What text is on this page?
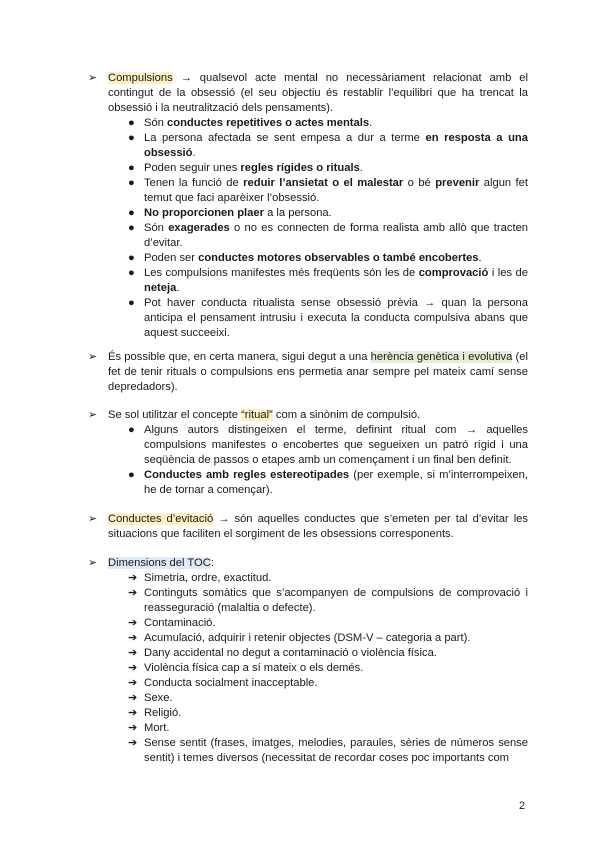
➢ Compulsions → qualsevol acte mental no necessàriament relacionat amb el contingut de la obsessió (el seu objectiu és restablir l’equilibri que ha trencat la obsessió i la neutralització dels pensaments).
● Són conductes repetitives o actes mentals.
● La persona afectada se sent empesa a dur a terme en resposta a una obsessió.
● Poden seguir unes regles rígides o rituals.
● Tenen la funció de reduir l’ansietat o el malestar o bé prevenir algun fet temut que faci aparèixer l’obsessió.
● No proporcionen plaer a la persona.
● Són exagerades o no es connecten de forma realista amb allò que tracten d’evitar.
● Poden ser conductes motores observables o també encobertes.
● Les compulsions manifestes més freqüents són les de comprovació i les de neteja.
● Pot haver conducta ritualista sense obsessió prèvia → quan la persona anticipa el pensament intrusiu i executa la conducta compulsiva abans que aquest succeeixi.
➢ És possible que, en certa manera, sigui degut a una herència genètica i evolutiva (el fet de tenir rituals o compulsions ens permetia anar sempre pel mateix camí sense depredadors).
➢ Se sol utilitzar el concepte “ritual” com a sinònim de compulsió.
● Alguns autors distingeixen el terme, definint ritual com → aquelles compulsions manifestes o encobertes que segueixen un patró rígid i una seqüència de passos o etapes amb un començament i un final ben definit.
● Conductes amb regles estereotipades (per exemple, si m’interrompeixen, he de tornar a començar).
➢ Conductes d’evitació → són aquelles conductes que s’emeten per tal d’evitar les situacions que faciliten el sorgiment de les obsessions corresponents.
➢ Dimensions del TOC:
➔ Simetria, ordre, exactitud.
➔ Continguts somàtics que s’acompanyen de compulsions de comprovació i reasseguració (malaltia o defecte).
➔ Contaminació.
➔ Acumulació, adquirir i retenir objectes (DSM-V – categoria a part).
➔ Dany accidental no degut a contaminació o violència física.
➔ Violència física cap a sí mateix o els demés.
➔ Conducta socialment inacceptable.
➔ Sexe.
➔ Religió.
➔ Mort.
➔ Sense sentit (frases, imatges, melodies, paraules, sèries de números sense sentit) i temes diversos (necessitat de recordar coses poc importants com
2
